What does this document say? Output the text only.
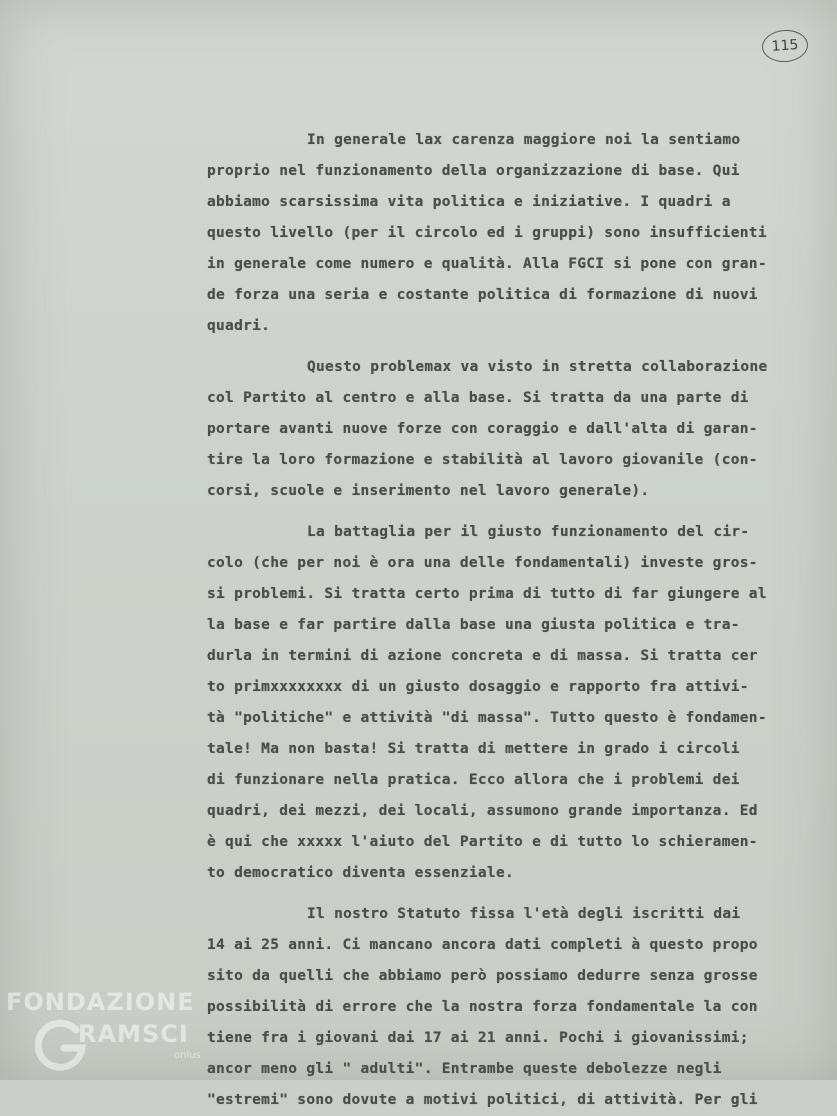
115
In generale lax carenza maggiore noi la sentiamo
proprio nel funzionamento della organizzazione di base. Qui
abbiamo scarsissima vita politica e iniziative. I quadri a
questo livello (per il circolo ed i gruppi) sono insufficienti
in generale come numero e qualità. Alla FGCI si pone con gran-
de forza una seria e costante politica di formazione di nuovi
quadri.
Questo problemax va visto in stretta collaborazione
col Partito al centro e alla base. Si tratta da una parte di
portare avanti nuove forze con coraggio e dall'alta di garan-
tire la loro formazione e stabilità al lavoro giovanile (con-
corsi, scuole e inserimento nel lavoro generale).
La battaglia per il giusto funzionamento del cir-
colo (che per noi è ora una delle fondamentali) investe gros-
si problemi. Si tratta certo prima di tutto di far giungere al
la base e far partire dalla base una giusta politica e tra-
durla in termini di azione concreta e di massa. Si tratta cer
to primxxxxxxxx di un giusto dosaggio e rapporto fra attivi-
tà "politiche" e attività "di massa". Tutto questo è fondamen-
tale! Ma non basta! Si tratta di mettere in grado i circoli
di funzionare nella pratica. Ecco allora che i problemi dei
quadri, dei mezzi, dei locali, assumono grande importanza. Ed
è qui che xxxxx l'aiuto del Partito e di tutto lo schieramen-
to democratico diventa essenziale.
Il nostro Statuto fissa l'età degli iscritti dai
14 ai 25 anni. Ci mancano ancora dati completi à questo propo
sito da quelli che abbiamo però possiamo dedurre senza grosse
possibilità di errore che la nostra forza fondamentale la con
tiene fra i giovani dai 17 ai 21 anni. Pochi i giovanissimi;
ancor meno gli " adulti". Entrambe queste debolezze negli
"estremi" sono dovute a motivi politici, di attività. Per gli
FONDAZIONE
RAMSCI
onlus
